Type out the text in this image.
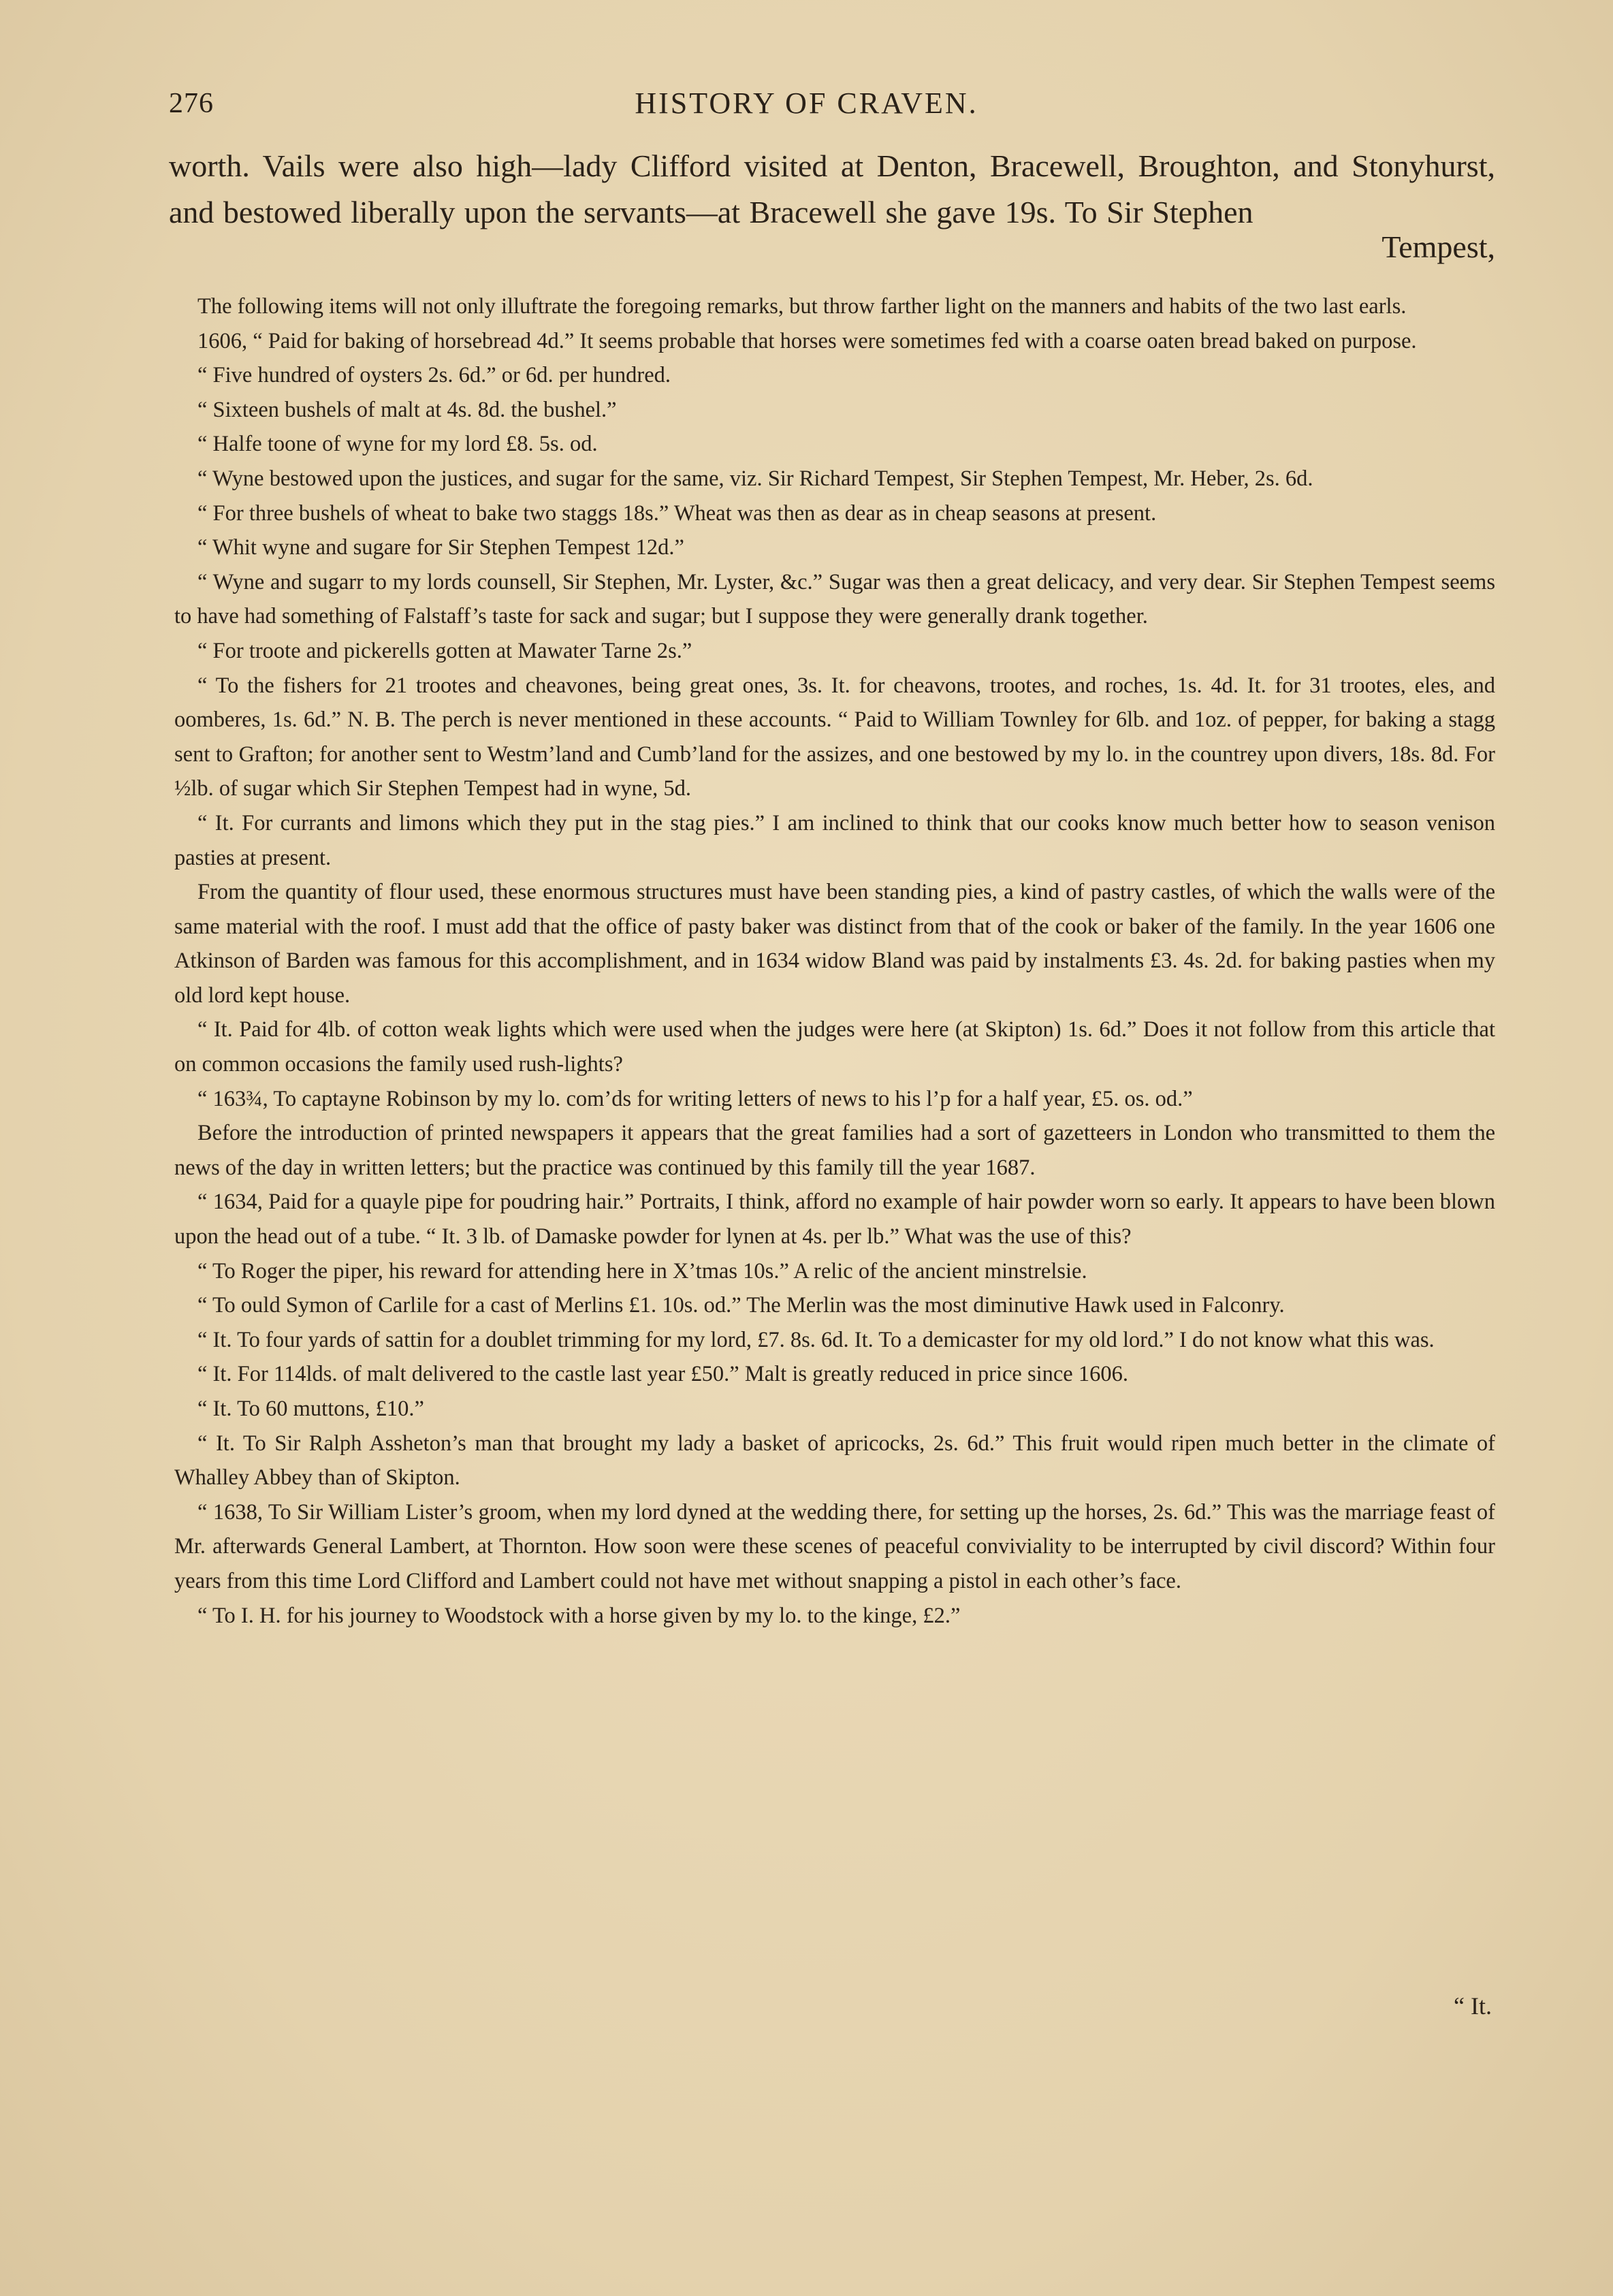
276	HISTORY OF CRAVEN.

worth. Vails were also high—lady Clifford visited at Denton, Bracewell, Broughton, and Stonyhurst, and bestowed liberally upon the servants—at Bracewell she gave 19s. To Sir Stephen

Tempest,

The following items will not only illuftrate the foregoing remarks, but throw farther light on the manners and habits of the two last earls.

1606, “ Paid for baking of horsebread 4d.” It seems probable that horses were sometimes fed with a coarse oaten bread baked on purpose.

“ Five hundred of oysters 2s. 6d.” or 6d. per hundred.

“ Sixteen bushels of malt at 4s. 8d. the bushel.”

“ Halfe toone of wyne for my lord £8. 5s. od.

“ Wyne bestowed upon the justices, and sugar for the same, viz. Sir Richard Tempest, Sir Stephen Tempest, Mr. Heber, 2s. 6d.

“ For three bushels of wheat to bake two staggs 18s.” Wheat was then as dear as in cheap seasons at present.

“ Whit wyne and sugare for Sir Stephen Tempest 12d.”

“ Wyne and sugarr to my lords counsell, Sir Stephen, Mr. Lyster, &c.” Sugar was then a great delicacy, and very dear. Sir Stephen Tempest seems to have had something of Falstaff’s taste for sack and sugar; but I suppose they were generally drank together.

“ For troote and pickerells gotten at Mawater Tarne 2s.”

“ To the fishers for 21 trootes and cheavones, being great ones, 3s. It. for cheavons, trootes, and roches, 1s. 4d. It. for 31 trootes, eles, and oomberes, 1s. 6d.” N. B. The perch is never mentioned in these accounts. “ Paid to William Townley for 6lb. and 1oz. of pepper, for baking a stagg sent to Grafton; for another sent to Westm’land and Cumb’land for the assizes, and one bestowed by my lo. in the countrey upon divers, 18s. 8d. For ½lb. of sugar which Sir Stephen Tempest had in wyne, 5d.

“ It. For currants and limons which they put in the stag pies.” I am inclined to think that our cooks know much better how to season venison pasties at present.

From the quantity of flour used, these enormous structures must have been standing pies, a kind of pastry castles, of which the walls were of the same material with the roof. I must add that the office of pasty baker was distinct from that of the cook or baker of the family. In the year 1606 one Atkinson of Barden was famous for this accomplishment, and in 1634 widow Bland was paid by instalments £3. 4s. 2d. for baking pasties when my old lord kept house.

“ It. Paid for 4lb. of cotton weak lights which were used when the judges were here (at Skipton) 1s. 6d.” Does it not follow from this article that on common occasions the family used rush-lights?

“ 163¾, To captayne Robinson by my lo. com’ds for writing letters of news to his l’p for a half year, £5. os. od.”

Before the introduction of printed newspapers it appears that the great families had a sort of gazetteers in London who transmitted to them the news of the day in written letters; but the practice was continued by this family till the year 1687.

“ 1634, Paid for a quayle pipe for poudring hair.” Portraits, I think, afford no example of hair powder worn so early. It appears to have been blown upon the head out of a tube. “ It. 3 lb. of Damaske powder for lynen at 4s. per lb.” What was the use of this?

“ To Roger the piper, his reward for attending here in X’tmas 10s.” A relic of the ancient minstrelsie.

“ To ould Symon of Carlile for a cast of Merlins £1. 10s. od.” The Merlin was the most diminutive Hawk used in Falconry.

“ It. To four yards of sattin for a doublet trimming for my lord, £7. 8s. 6d. It. To a demicaster for my old lord.” I do not know what this was.

“ It. For 114lds. of malt delivered to the castle last year £50.” Malt is greatly reduced in price since 1606.

“ It. To 60 muttons, £10.”

“ It. To Sir Ralph Assheton’s man that brought my lady a basket of apricocks, 2s. 6d.” This fruit would ripen much better in the climate of Whalley Abbey than of Skipton.

“ 1638, To Sir William Lister’s groom, when my lord dyned at the wedding there, for setting up the horses, 2s. 6d.” This was the marriage feast of Mr. afterwards General Lambert, at Thornton. How soon were these scenes of peaceful conviviality to be interrupted by civil discord? Within four years from this time Lord Clifford and Lambert could not have met without snapping a pistol in each other’s face.

“ To I. H. for his journey to Woodstock with a horse given by my lo. to the kinge, £2.”

“ It.
